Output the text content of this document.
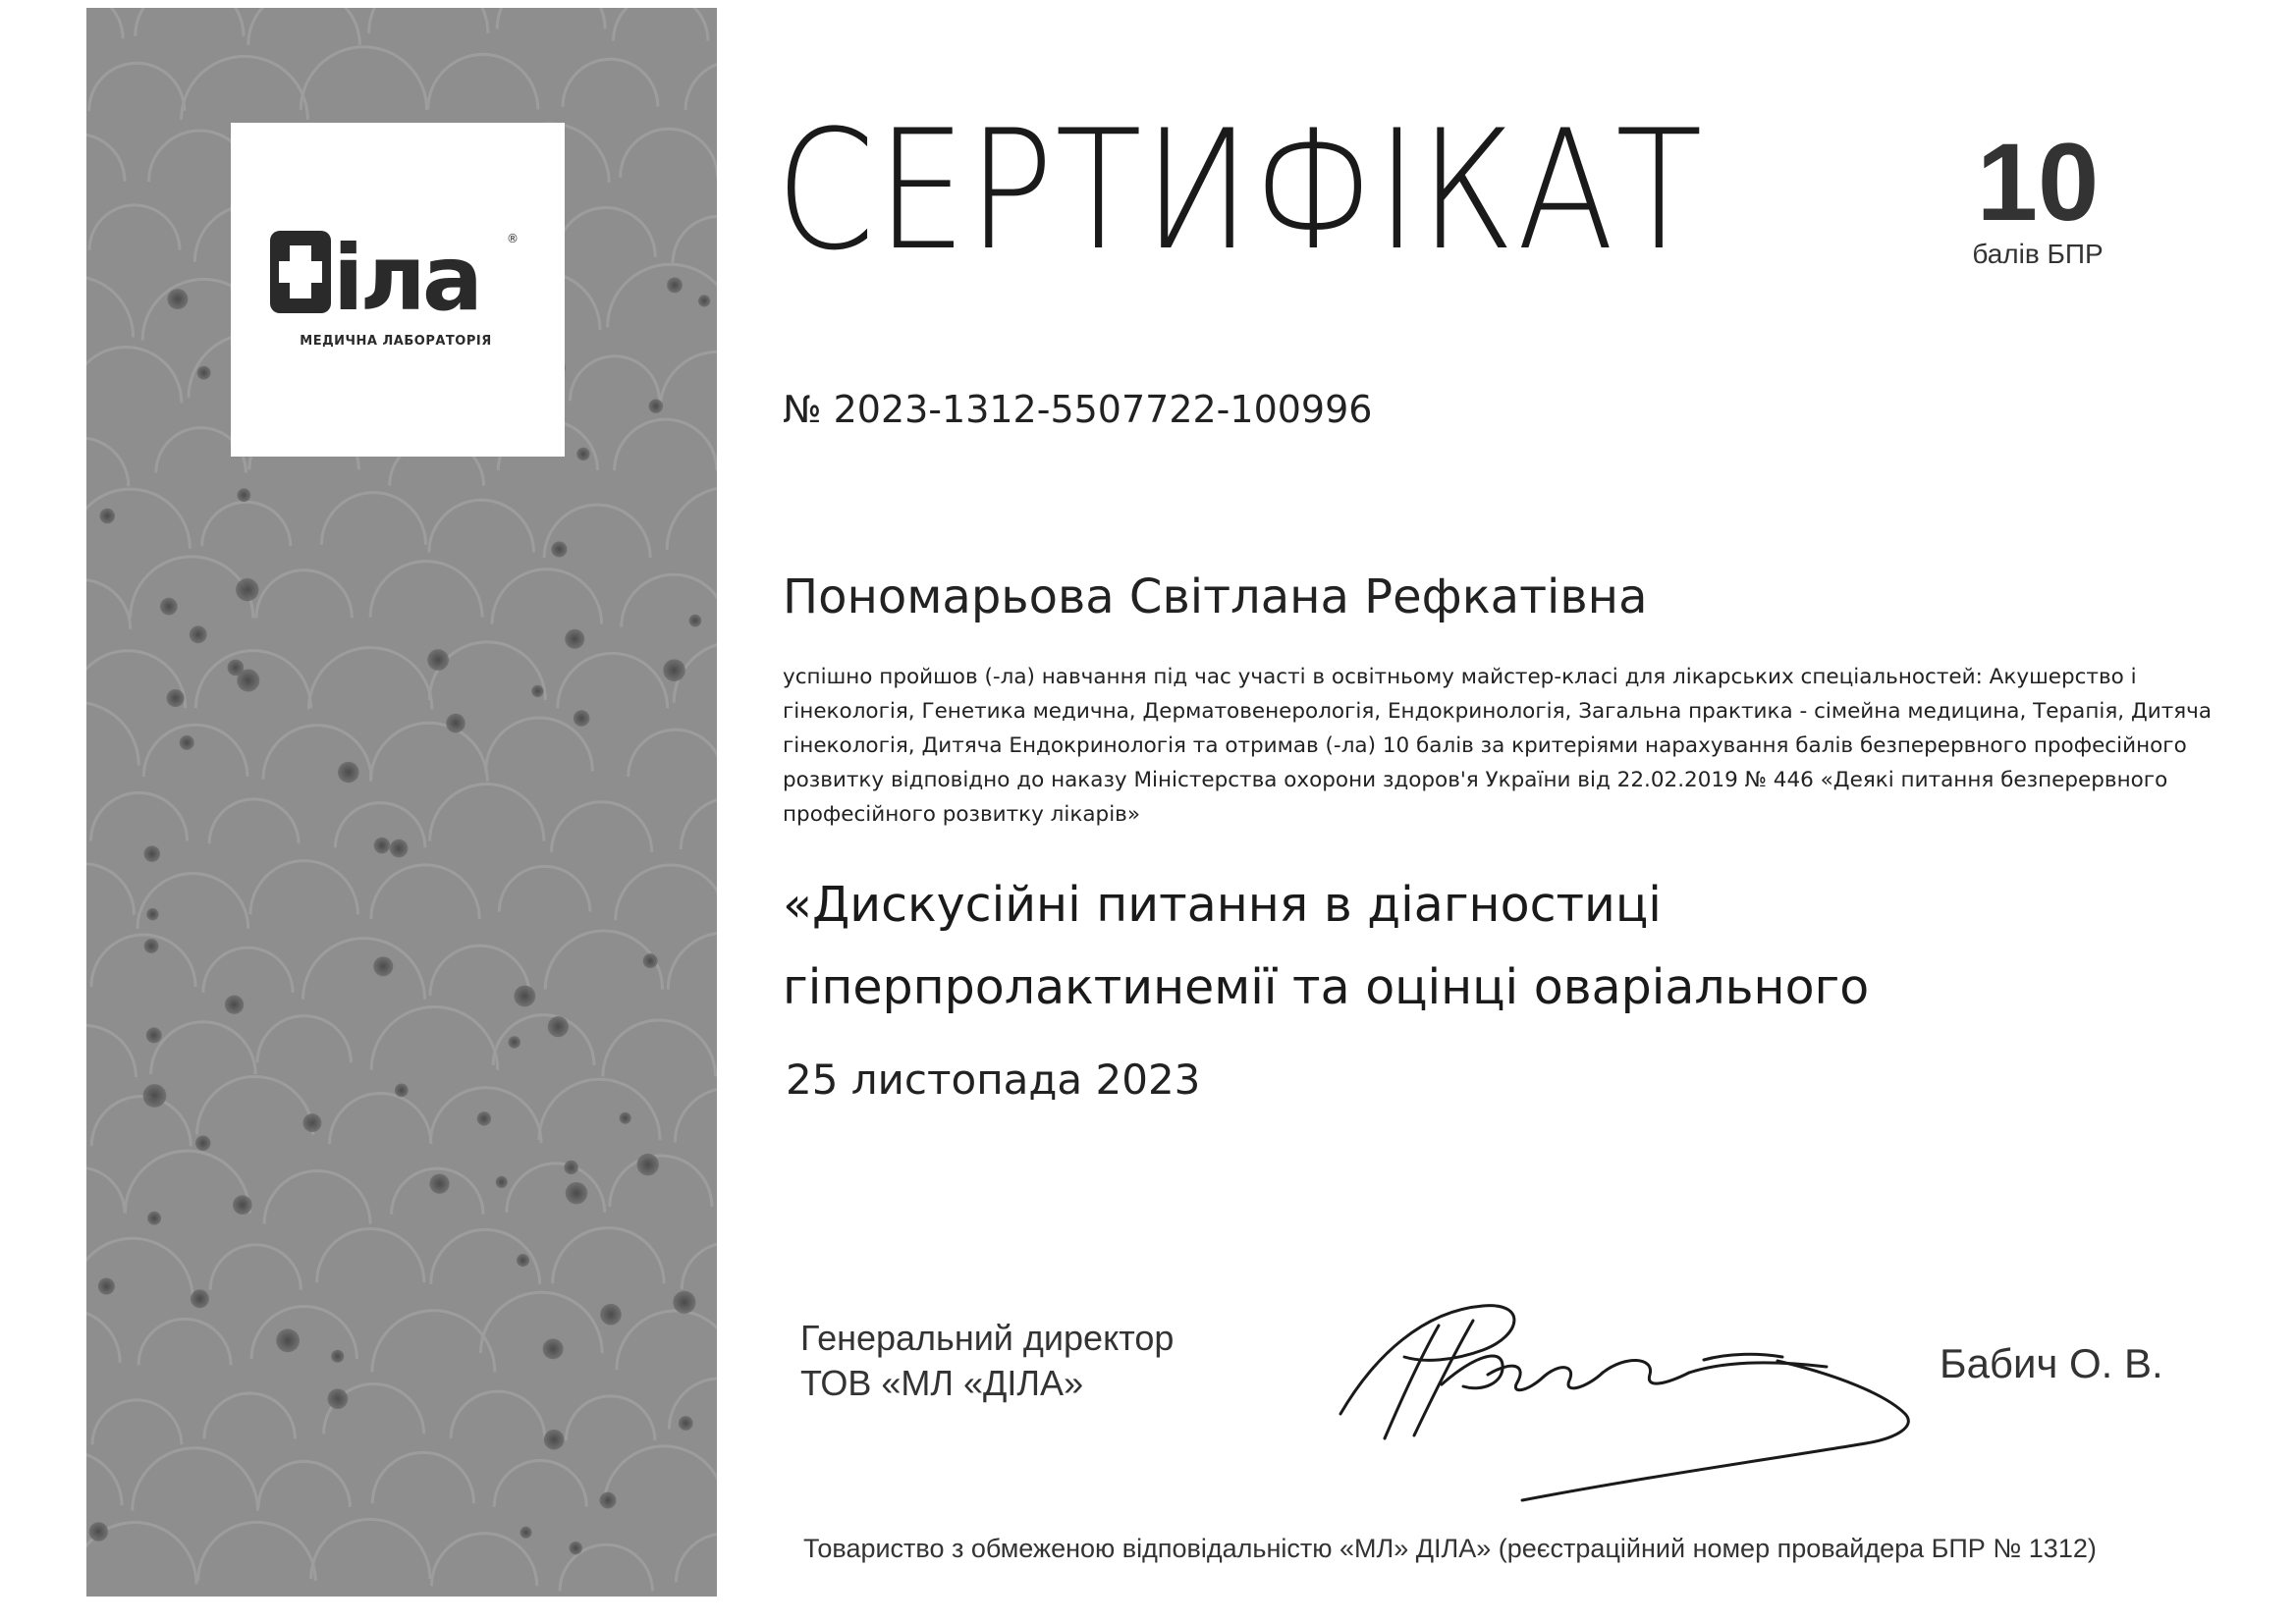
іла ®
МЕДИЧНА ЛАБОРАТОРІЯ
СЕРТИФІКАТ 10
балів БПР
№ 2023-1312-5507722-100996
Пономарьова Світлана Рефкатівна
успішно пройшов (-ла) навчання під час участі в освітньому майстер-класі для лікарських спеціальностей: Акушерство і гінекологія, Генетика медична, Дерматовенерологія, Ендокринологія, Загальна практика - сімейна медицина, Терапія, Дитяча гінекологія, Дитяча Ендокринологія та отримав (-ла) 10 балів за критеріями нарахування балів безперервного професійного розвитку відповідно до наказу Міністерства охорони здоров'я України від 22.02.2019 № 446 «Деякі питання безперервного професійного розвитку лікарів»
«Дискусійні питання в діагностиці гіперпролактинемії та оцінці оваріального
25 листопада 2023
Генеральний директор
ТОВ «МЛ «ДІЛА»	Бабич О. В.
Товариство з обмеженою відповідальністю «МЛ» ДІЛА» (реєстраційний номер провайдера БПР № 1312)
